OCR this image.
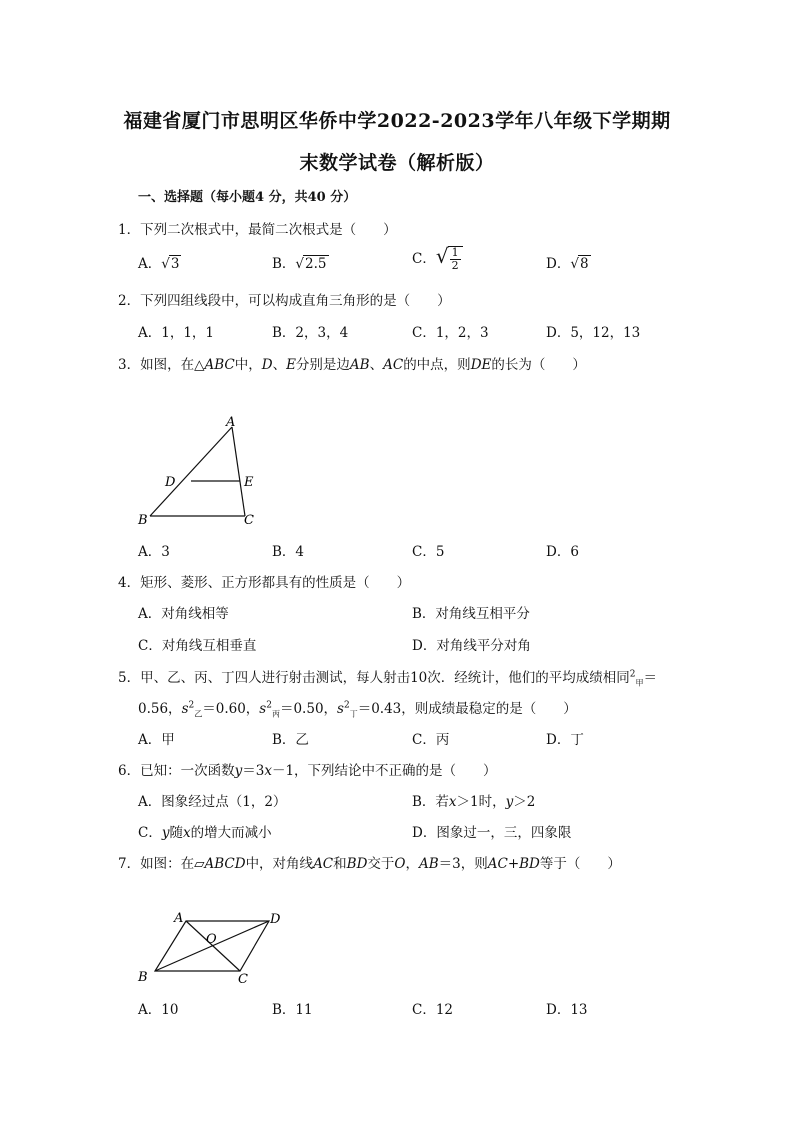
福建省厦门市思明区华侨中学2022-2023学年八年级下学期期
末数学试卷（解析版）
一、选择题（每小题4 分，共40 分）
1．下列二次根式中，最简二次根式是（　　）
A．√3	B．√2.5	C．√ $\frac{1}{2}$	D．√8
2．下列四组线段中，可以构成直角三角形的是（　　）
A．1，1，1	B．2，3，4	C．1，2，3	D．5，12，13
3．如图，在△ABC中，D、E分别是边AB、AC的中点，则DE的长为（　　）
A
B	C
D	E
A．3	B．4	C．5	D．6
4．矩形、菱形、正方形都具有的性质是（　　）
A．对角线相等	B．对角线互相平分
C．对角线互相垂直	D．对角线平分对角
5．甲、乙、丙、丁四人进行射击测试，每人射击10次．经统计，他们的平均成绩相同$^2_甲$＝
0.56，$s^2_乙=0.60$，$s^2_丙=0.50$，$s^2_丁=0.43$，则成绩最稳定的是（　　）
A．甲	B．乙	C．丙	D．丁
6．已知：一次函数y＝3x－1，下列结论中不正确的是（　　）
A．图象经过点（1，2）	B．若x＞1时，y＞2
C．y随x的增大而减小	D．图象过一，三，四象限
7．如图：在▱ABCD中，对角线AC和BD交于O，AB＝3，则AC+BD等于（　　）
A
B	C
D
O
A．10	B．11	C．12	D．13
